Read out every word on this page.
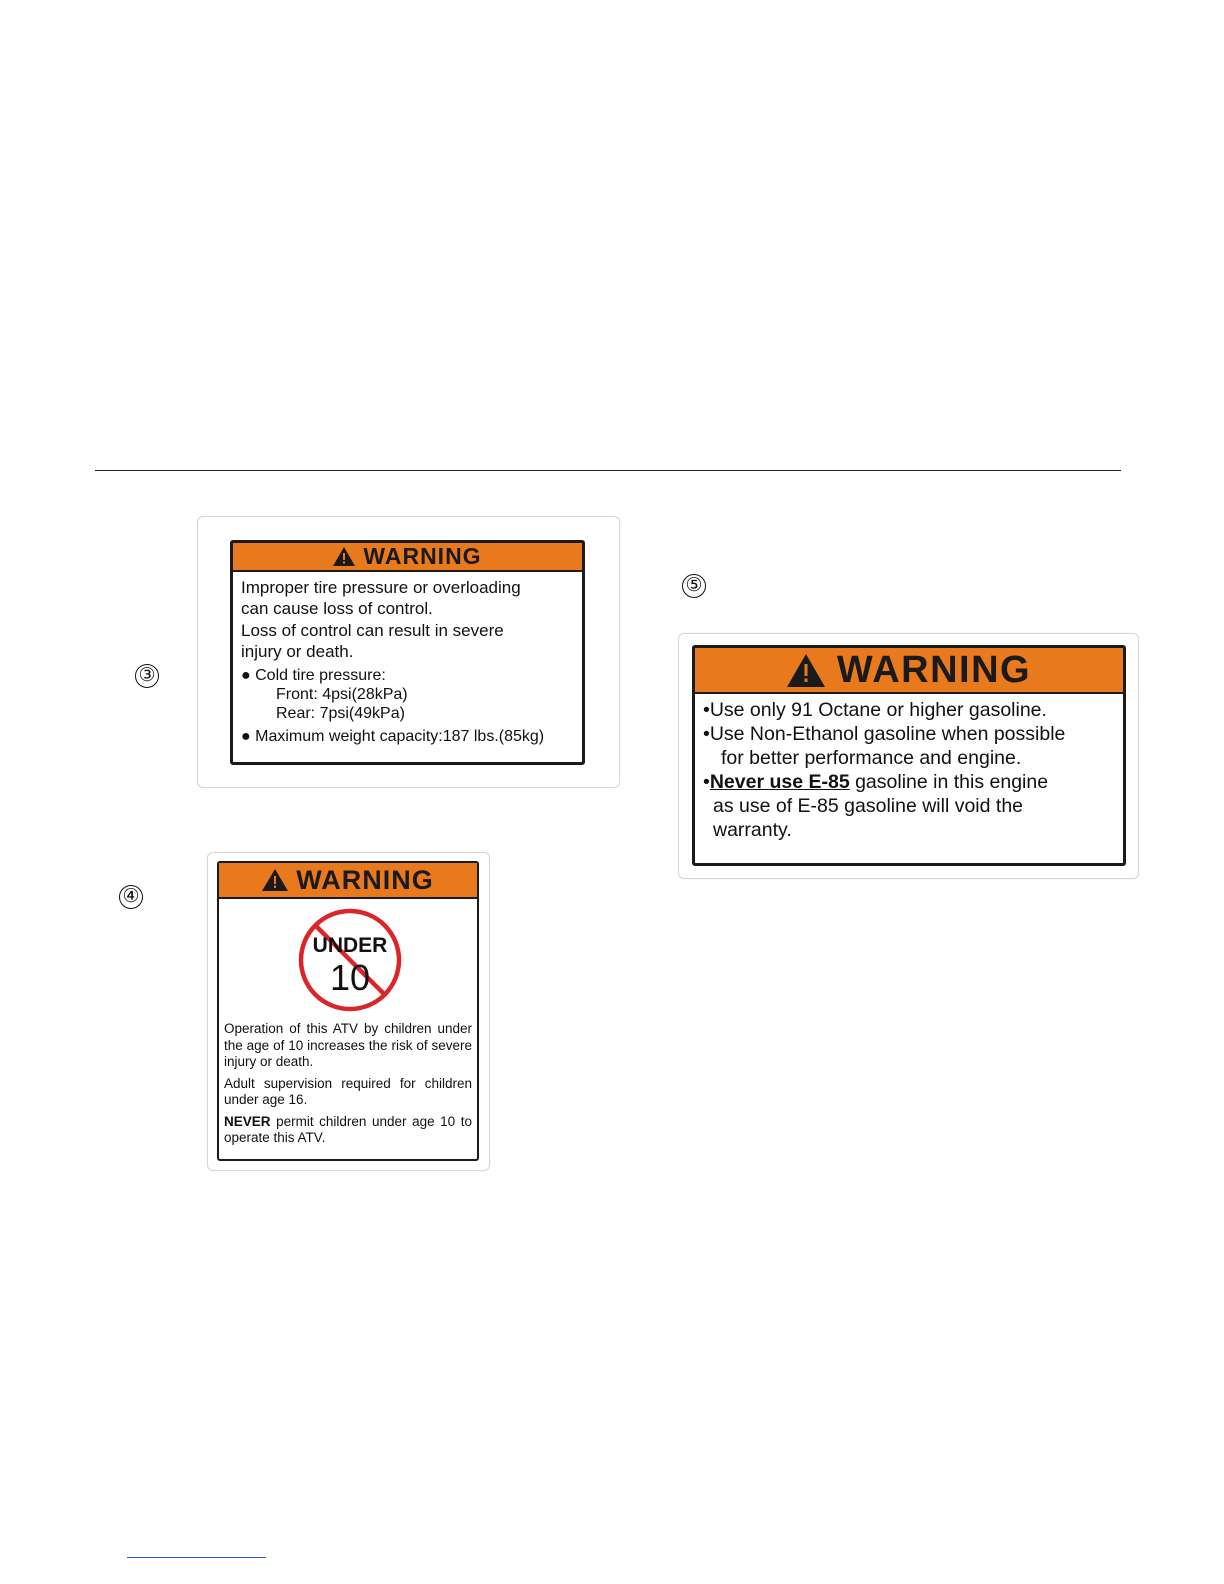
③
WARNING

Improper tire pressure or overloading

can cause loss of control.

Loss of control can result in severe

injury or death.

● Cold tire pressure:

Front: 4psi(28kPa)

Rear: 7psi(49kPa)

● Maximum weight capacity:187 lbs.(85kg)

④
WARNING
UNDER
10

Operation of this ATV by children under the age of 10 increases the risk of severe injury or death.

Adult supervision required for children under age 16.

NEVER permit children under age 10 to operate this ATV.

⑤
WARNING

•Use only 91 Octane or higher gasoline.

•Use Non-Ethanol gasoline when possible

for better performance and engine.

•Never use E-85 gasoline in this engine

as use of E-85 gasoline will void the

warranty.
